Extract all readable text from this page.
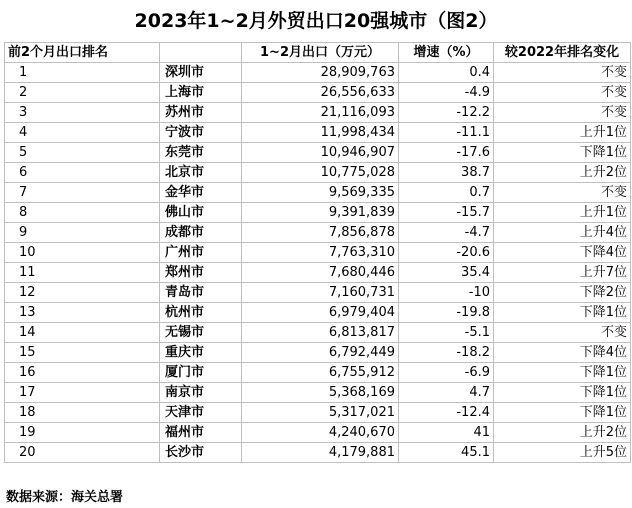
2023年1~2月外贸出口20强城市（图2）
前2个月出口排名		1~2月出口（万元）	增速（%）	较2022年排名变化
1	深圳市	28,909,763	0.4	不变
2	上海市	26,556,633	-4.9	不变
3	苏州市	21,116,093	-12.2	不变
4	宁波市	11,998,434	-11.1	上升1位
5	东莞市	10,946,907	-17.6	下降1位
6	北京市	10,775,028	38.7	上升2位
7	金华市	9,569,335	0.7	不变
8	佛山市	9,391,839	-15.7	上升1位
9	成都市	7,856,878	-4.7	上升4位
10	广州市	7,763,310	-20.6	下降4位
11	郑州市	7,680,446	35.4	上升7位
12	青岛市	7,160,731	-10	下降2位
13	杭州市	6,979,404	-19.8	下降1位
14	无锡市	6,813,817	-5.1	不变
15	重庆市	6,792,449	-18.2	下降4位
16	厦门市	6,755,912	-6.9	下降1位
17	南京市	5,368,169	4.7	下降1位
18	天津市	5,317,021	-12.4	下降1位
19	福州市	4,240,670	41	上升2位
20	长沙市	4,179,881	45.1	上升5位
数据来源：海关总署
